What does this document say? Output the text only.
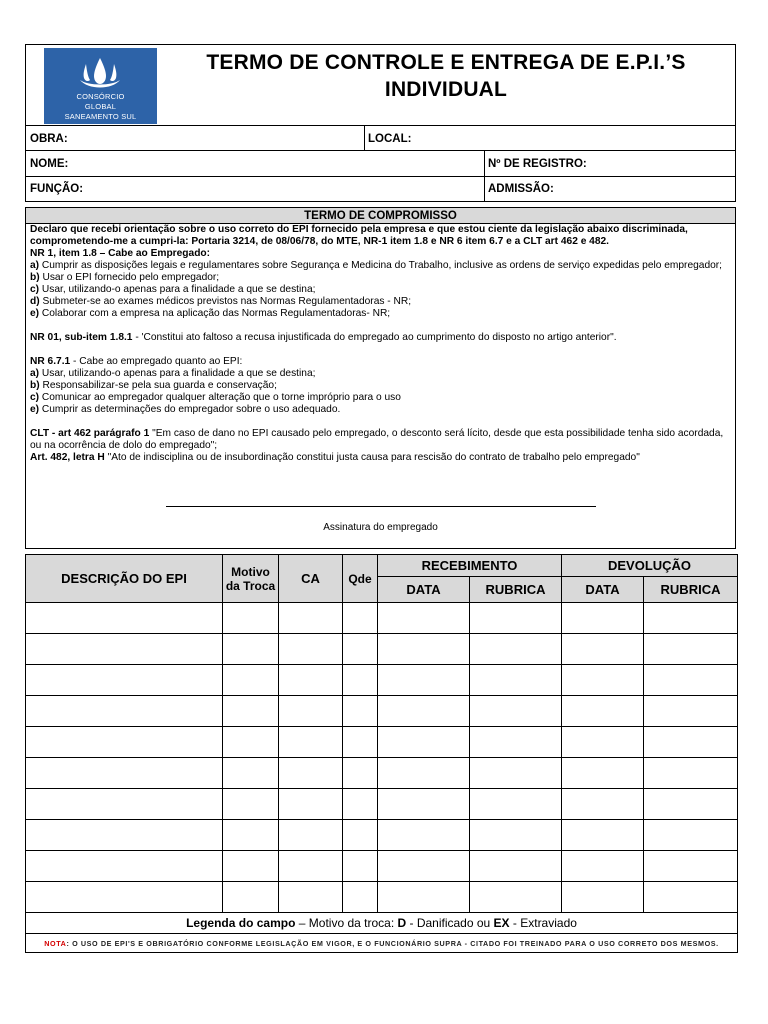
CONSÓRCIO
GLOBAL
SANEAMENTO SUL
TERMO DE CONTROLE E ENTREGA DE E.P.I.’S
INDIVIDUAL
OBRA:	LOCAL:
NOME:	Nº DE REGISTRO:
FUNÇÃO:	ADMISSÃO:
TERMO DE COMPROMISSO

Declaro que recebi orientação sobre o uso correto do EPI fornecido pela empresa e que estou ciente da legislação abaixo discriminada, comprometendo-me a cumpri-la: Portaria 3214, de 08/06/78, do MTE, NR-1 item 1.8 e NR 6 item 6.7 e a CLT art 462 e 482.

NR 1, item 1.8 – Cabe ao Empregado:

a) Cumprir as disposições legais e regulamentares sobre Segurança e Medicina do Trabalho, inclusive as ordens de serviço expedidas pelo empregador;

b) Usar o EPI fornecido pelo empregador;

c) Usar, utilizando-o apenas para a finalidade a que se destina;

d) Submeter-se ao exames médicos previstos nas Normas Regulamentadoras - NR;

e) Colaborar com a empresa na aplicação das Normas Regulamentadoras- NR;

NR 01, sub-item 1.8.1 - 'Constitui ato faltoso a recusa injustificada do empregado ao cumprimento do disposto no artigo anterior".

NR 6.7.1 - Cabe ao empregado quanto ao EPI:

a) Usar, utilizando-o apenas para a finalidade a que se destina;

b) Responsabilizar-se pela sua guarda e conservação;

c) Comunicar ao empregador qualquer alteração que o torne impróprio para o uso

e) Cumprir as determinações do empregador sobre o uso adequado.

CLT - art 462 parágrafo 1 "Em caso de dano no EPI causado pelo empregado, o desconto será lícito, desde que esta possibilidade tenha sido acordada, ou na ocorrência de dolo do empregado";

Art. 482, letra H "Ato de indisciplina ou de insubordinação constitui justa causa para rescisão do contrato de trabalho pelo empregado"

Assinatura do empregado
DESCRIÇÃO DO EPI	Motivo da Troca	CA	Qde	RECEBIMENTO		DEVOLUÇÃO	
				DATA	RUBRICA	DATA	RUBRICA

Legenda do campo – Motivo da troca: D - Danificado ou EX - Extraviado							
NOTA: O USO DE EPI'S E OBRIGATÓRIO CONFORME LEGISLAÇÃO EM VIGOR, E O FUNCIONÁRIO SUPRA - CITADO FOI TREINADO PARA O USO CORRETO DOS MESMOS.							
